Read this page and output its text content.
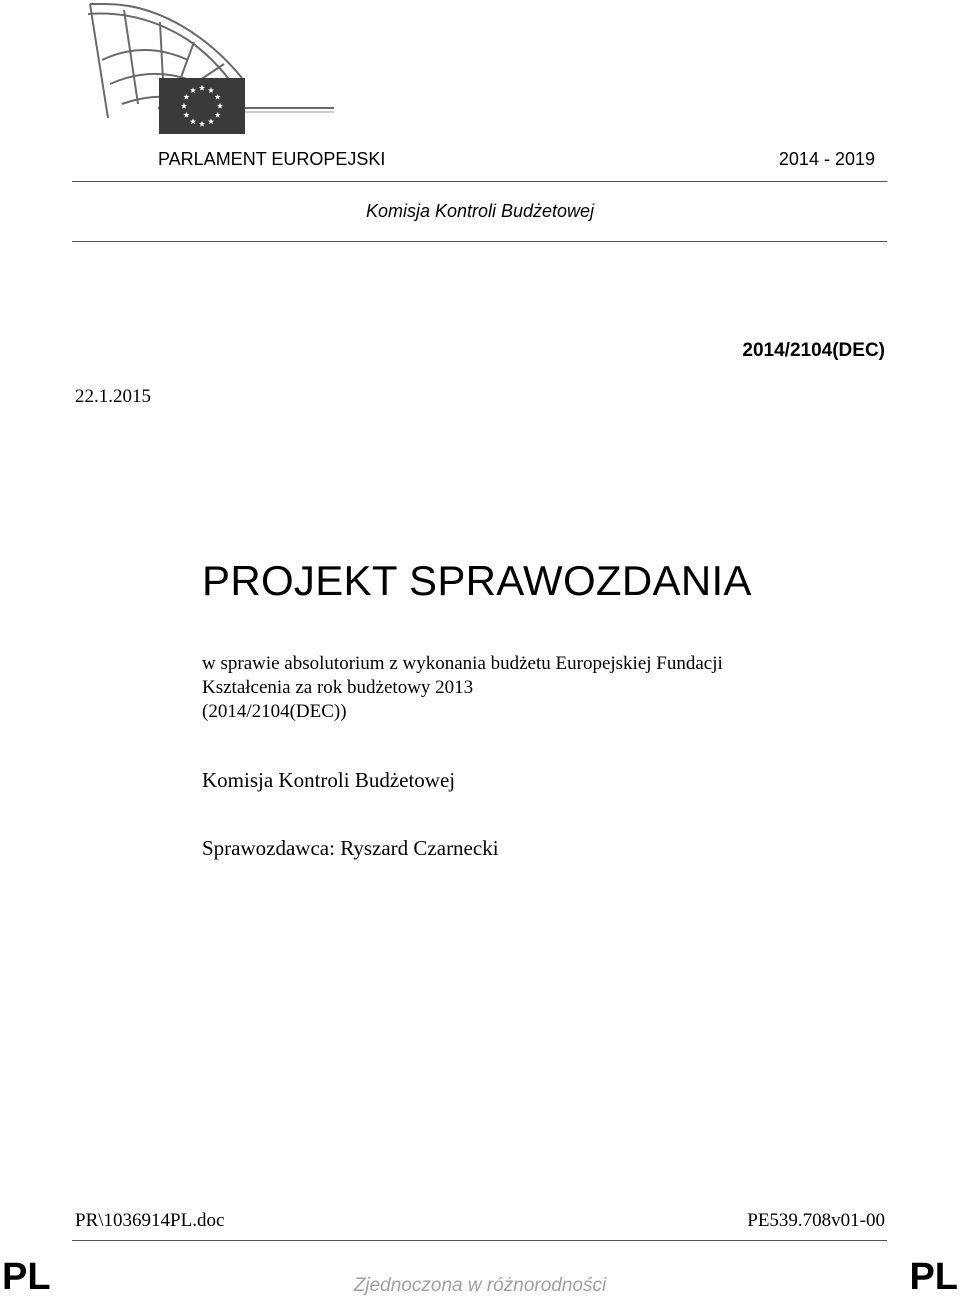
PARLAMENT EUROPEJSKI	2014 - 2019
Komisja Kontroli Budżetowej
2014/2104(DEC)
22.1.2015
PROJEKT SPRAWOZDANIA
w sprawie absolutorium z wykonania budżetu Europejskiej Fundacji
Kształcenia za rok budżetowy 2013
(2014/2104(DEC))
Komisja Kontroli Budżetowej
Sprawozdawca: Ryszard Czarnecki
PR\1036914PL.doc	PE539.708v01-00
PL	Zjednoczona w różnorodności	PL
